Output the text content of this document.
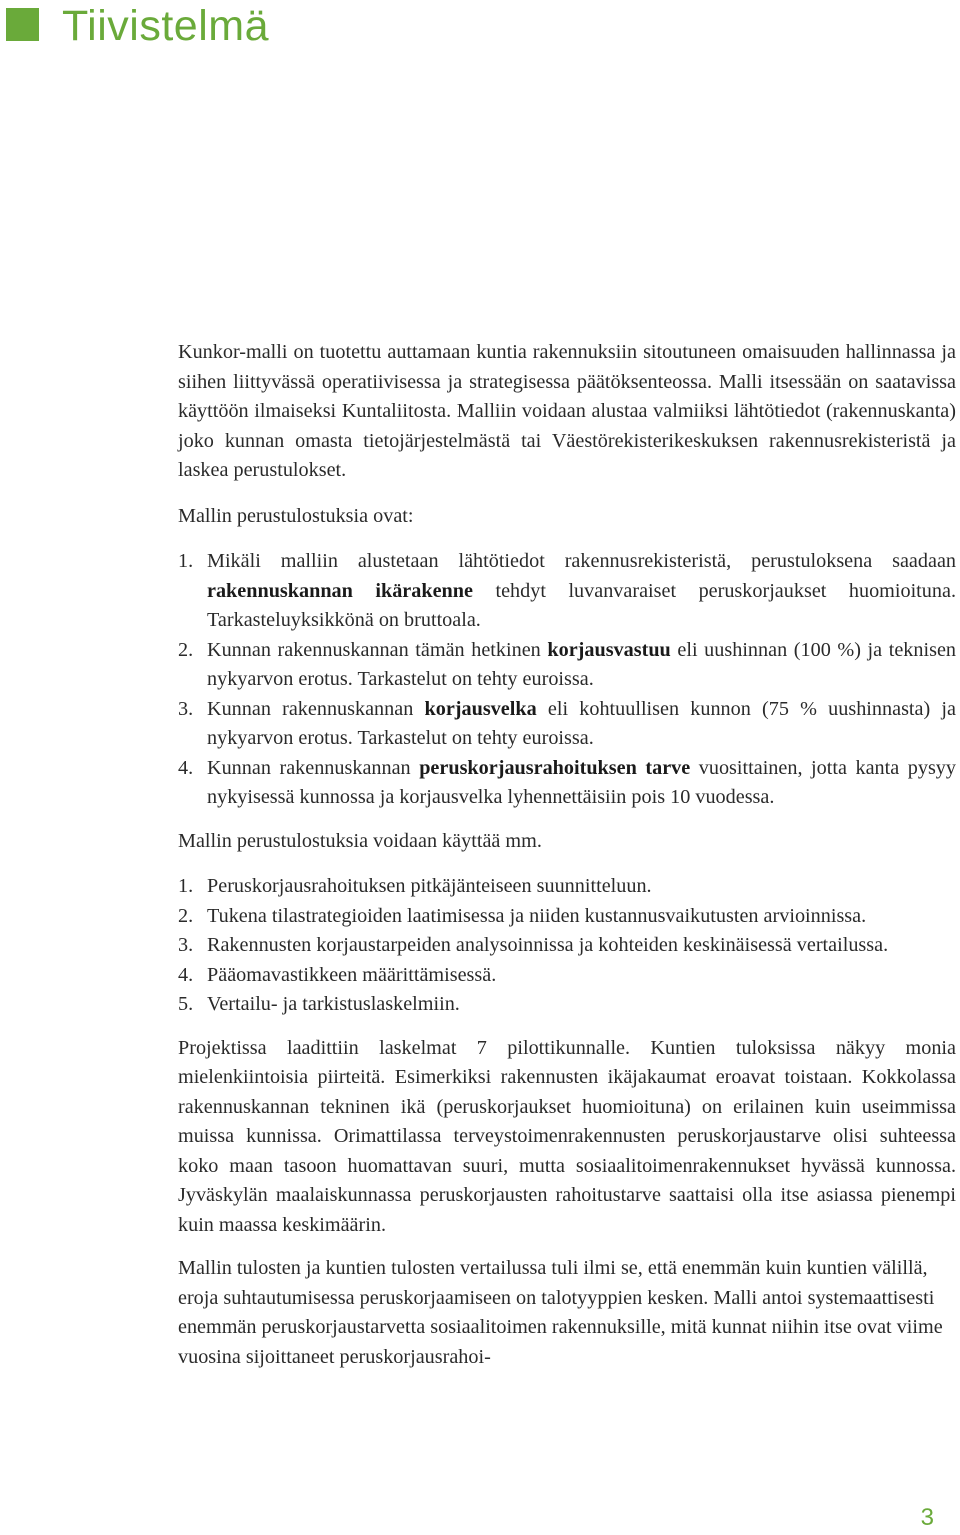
Tiivistelmä

Kunkor-malli on tuotettu auttamaan kuntia rakennuksiin sitoutuneen omaisuuden hallinnassa ja siihen liittyvässä operatiivisessa ja strategisessa päätöksenteossa. Malli itsessään on saatavissa käyttöön ilmaiseksi Kuntaliitosta. Malliin voidaan alustaa valmiiksi lähtötiedot (rakennuskanta) joko kunnan omasta tietojärjestelmästä tai Väestörekisterikeskuksen rakennusrekisteristä ja laskea perustulokset.

Mallin perustulostuksia ovat:

1. Mikäli malliin alustetaan lähtötiedot rakennusrekisteristä, perustuloksena saadaan rakennuskannan ikärakenne tehdyt luvanvaraiset peruskorjaukset huomioituna. Tarkasteluyksikkönä on bruttoala.
2. Kunnan rakennuskannan tämän hetkinen korjausvastuu eli uushinnan (100 %) ja teknisen nykyarvon erotus. Tarkastelut on tehty euroissa.
3. Kunnan rakennuskannan korjausvelka eli kohtuullisen kunnon (75 % uushinnasta) ja nykyarvon erotus. Tarkastelut on tehty euroissa.
4. Kunnan rakennuskannan peruskorjausrahoituksen tarve vuosittainen, jotta kanta pysyy nykyisessä kunnossa ja korjausvelka lyhennettäisiin pois 10 vuodessa.

Mallin perustulostuksia voidaan käyttää mm.

1. Peruskorjausrahoituksen pitkäjänteiseen suunnitteluun.
2. Tukena tilastrategioiden laatimisessa ja niiden kustannusvaikutusten arvioinnissa.
3. Rakennusten korjaustarpeiden analysoinnissa ja kohteiden keskinäisessä vertailussa.
4. Pääomavastikkeen määrittämisessä.
5. Vertailu- ja tarkistuslaskelmiin.

Projektissa laadittiin laskelmat 7 pilottikunnalle. Kuntien tuloksissa näkyy monia mielenkiintoisia piirteitä. Esimerkiksi rakennusten ikäjakaumat eroavat toistaan. Kokkolassa rakennuskannan tekninen ikä (peruskorjaukset huomioituna) on erilainen kuin useimmissa muissa kunnissa. Orimattilassa terveystoimenrakennusten peruskorjaustarve olisi suhteessa koko maan tasoon huomattavan suuri, mutta sosiaalitoimenrakennukset hyvässä kunnossa. Jyväskylän maalaiskunnassa peruskorjausten rahoitustarve saattaisi olla itse asiassa pienempi kuin maassa keskimäärin.

Mallin tulosten ja kuntien tulosten vertailussa tuli ilmi se, että enemmän kuin kuntien välillä, eroja suhtautumisessa peruskorjaamiseen on talotyyppien kesken. Malli antoi systemaattisesti enemmän peruskorjaustarvetta sosiaalitoimen rakennuksille, mitä kunnat niihin itse ovat viime vuosina sijoittaneet peruskorjausrahoi-

3
